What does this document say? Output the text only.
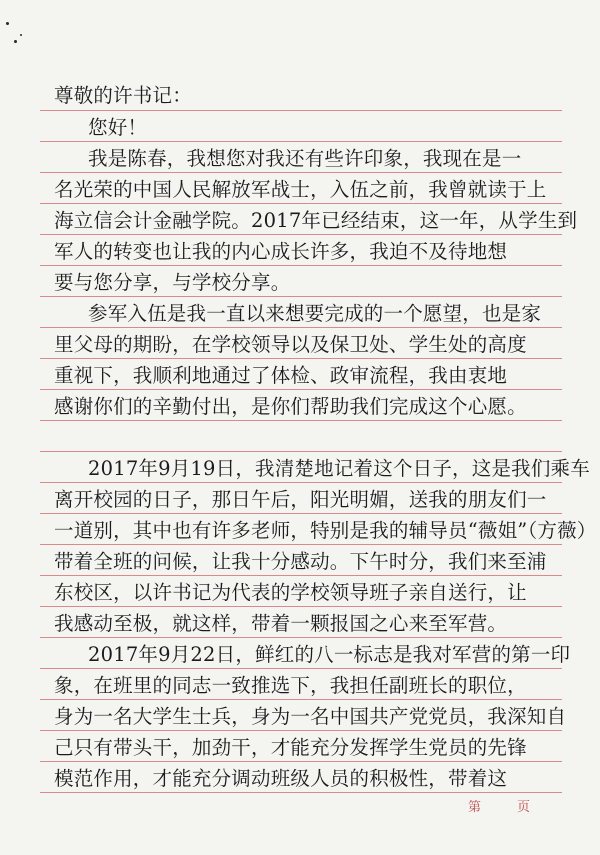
尊敬的许书记：
您好！
我是陈春，我想您对我还有些许印象，我现在是一
名光荣的中国人民解放军战士，入伍之前，我曾就读于上
海立信会计金融学院。2017年已经结束，这一年，从学生到
军人的转变也让我的内心成长许多，我迫不及待地想
要与您分享，与学校分享。
参军入伍是我一直以来想要完成的一个愿望，也是家
里父母的期盼，在学校领导以及保卫处、学生处的高度
重视下，我顺利地通过了体检、政审流程，我由衷地
感谢你们的辛勤付出，是你们帮助我们完成这个心愿。
2017年9月19日，我清楚地记着这个日子，这是我们乘车
离开校园的日子，那日午后，阳光明媚，送我的朋友们一
一道别，其中也有许多老师，特别是我的辅导员“薇姐”（方薇）
带着全班的问候，让我十分感动。下午时分，我们来至浦
东校区，以许书记为代表的学校领导班子亲自送行，让
我感动至极，就这样，带着一颗报国之心来至军营。
2017年9月22日，鲜红的八一标志是我对军营的第一印
象，在班里的同志一致推选下，我担任副班长的职位，
身为一名大学生士兵，身为一名中国共产党党员，我深知自
己只有带头干，加劲干，才能充分发挥学生党员的先锋
模范作用，才能充分调动班级人员的积极性，带着这
第	页
